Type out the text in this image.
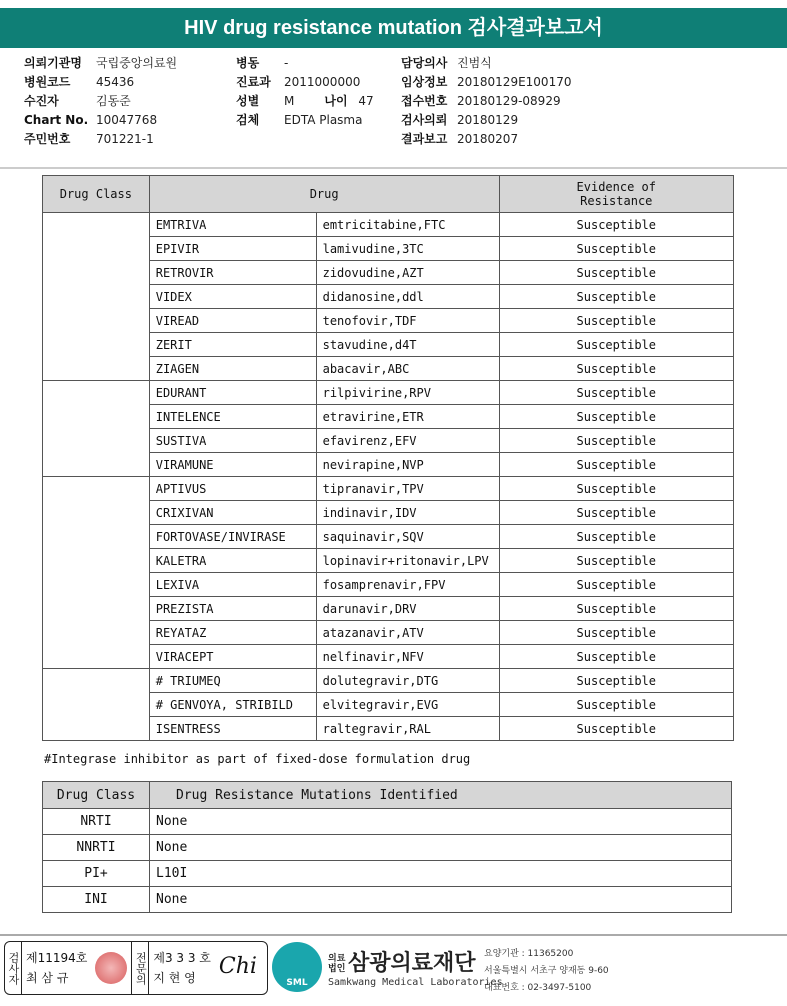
HIV drug resistance mutation 검사결과보고서
의뢰기관명	국립중앙의료원
병원코드	45436
수진자	김동준
Chart No. 10047768
주민번호	701221-1
병동	-
진료과	2011000000
성별	M	나이 47
검체	EDTA Plasma
담당의사 진범식
임상정보 20180129E100170
접수번호 20180129-08929
검사의뢰 20180129
결과보고 20180207
Drug Class	Drug		Evidence of Resistance
	EMTRIVA	emtricitabine,FTC	Susceptible
	EPIVIR	lamivudine,3TC	Susceptible
	RETROVIR	zidovudine,AZT	Susceptible
	VIDEX	didanosine,ddl	Susceptible
	VIREAD	tenofovir,TDF	Susceptible
	ZERIT	stavudine,d4T	Susceptible
	ZIAGEN	abacavir,ABC	Susceptible
	EDURANT	rilpivirine,RPV	Susceptible
	INTELENCE	etravirine,ETR	Susceptible
	SUSTIVA	efavirenz,EFV	Susceptible
	VIRAMUNE	nevirapine,NVP	Susceptible
	APTIVUS	tipranavir,TPV	Susceptible
	CRIXIVAN	indinavir,IDV	Susceptible
	FORTOVASE/INVIRASE	saquinavir,SQV	Susceptible
	KALETRA	lopinavir+ritonavir,LPV	Susceptible
	LEXIVA	fosamprenavir,FPV	Susceptible
	PREZISTA	darunavir,DRV	Susceptible
	REYATAZ	atazanavir,ATV	Susceptible
	VIRACEPT	nelfinavir,NFV	Susceptible
	# TRIUMEQ	dolutegravir,DTG	Susceptible
	# GENVOYA, STRIBILD	elvitegravir,EVG	Susceptible
	ISENTRESS	raltegravir,RAL	Susceptible
#Integrase inhibitor as part of fixed-dose formulation drug
Drug Class	Drug Resistance Mutations Identified
NRTI	None
NNRTI	None
PI+	L10I
INI	None
검사자 제11194호
최 삼 규	전문의 제3 3 3 호
지 현 영	Chi
SML
의료법인 삼광의료재단
Samkwang Medical Laboratories
요양기관 : 11365200
서울특별시 서초구 양재동 9-60
대표번호 : 02-3497-5100
